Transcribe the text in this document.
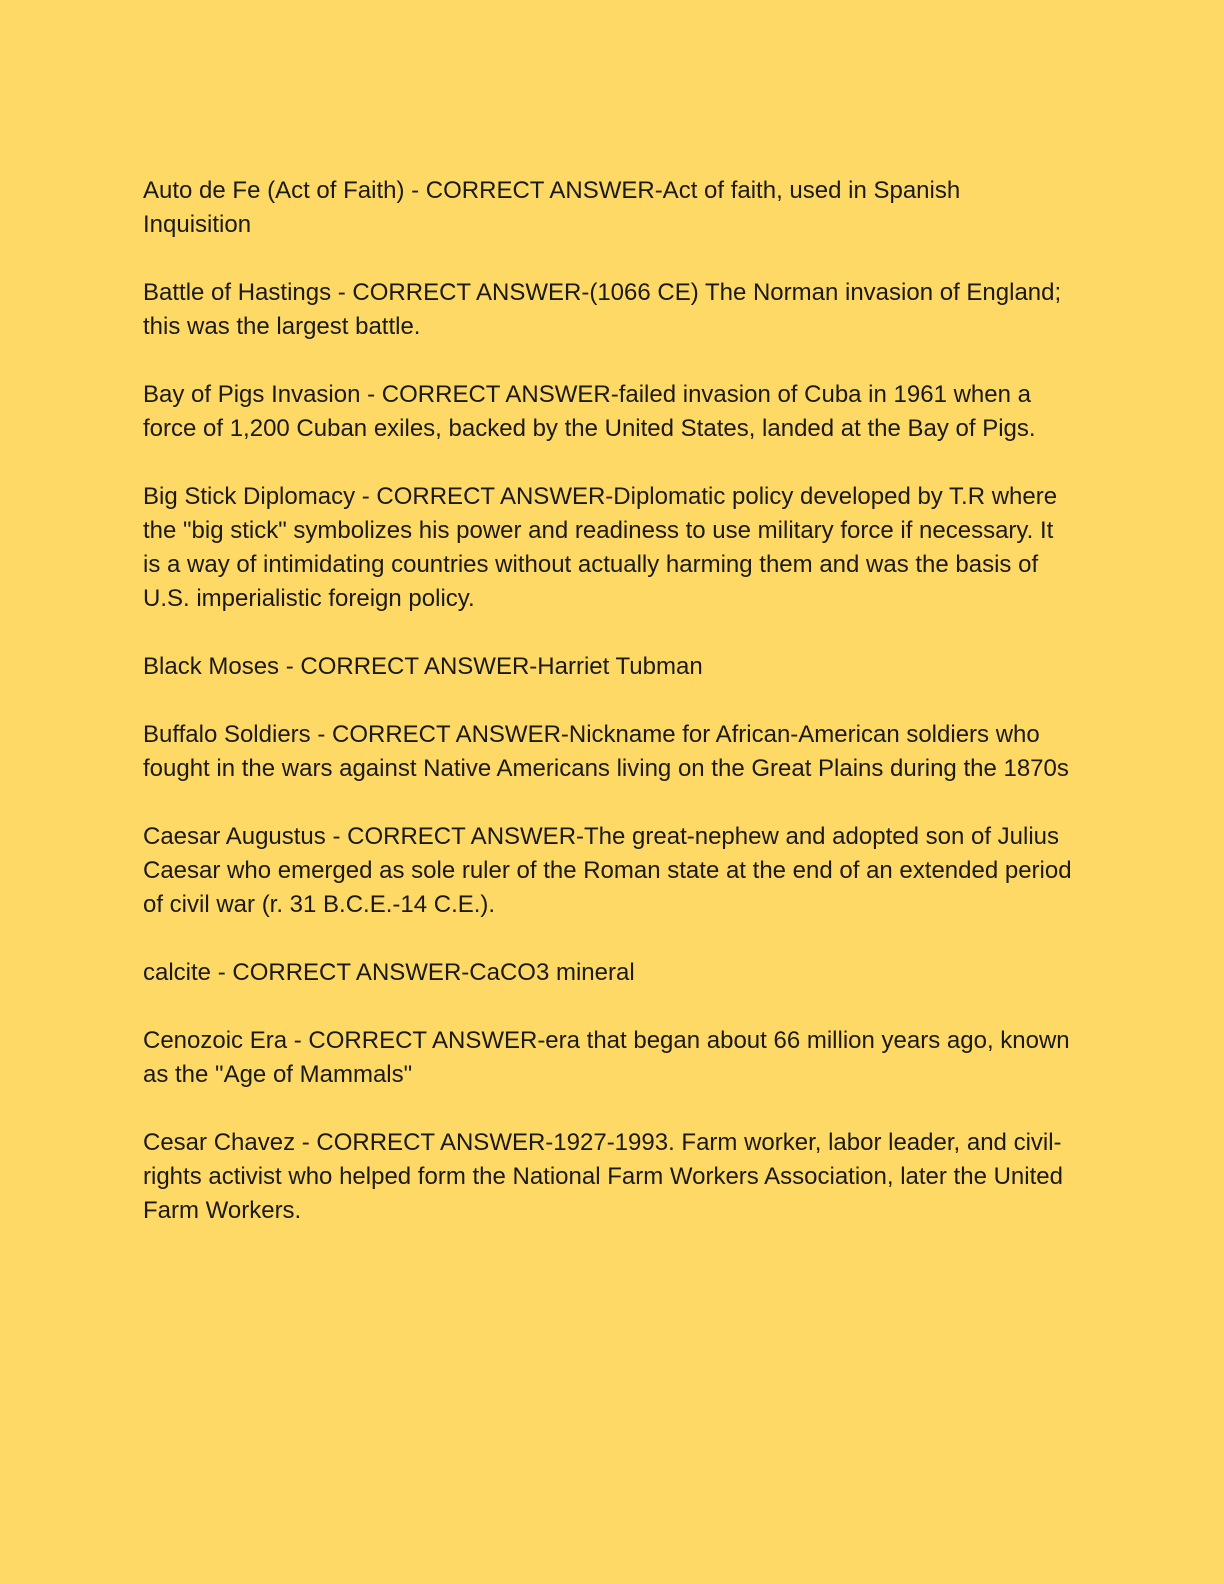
Auto de Fe (Act of Faith) - CORRECT ANSWER-Act of faith, used in Spanish Inquisition

Battle of Hastings - CORRECT ANSWER-(1066 CE) The Norman invasion of England; this was the largest battle.

Bay of Pigs Invasion - CORRECT ANSWER-failed invasion of Cuba in 1961 when a force of 1,200 Cuban exiles, backed by the United States, landed at the Bay of Pigs.

Big Stick Diplomacy - CORRECT ANSWER-Diplomatic policy developed by T.R where the "big stick" symbolizes his power and readiness to use military force if necessary. It is a way of intimidating countries without actually harming them and was the basis of U.S. imperialistic foreign policy.

Black Moses - CORRECT ANSWER-Harriet Tubman

Buffalo Soldiers - CORRECT ANSWER-Nickname for African-American soldiers who fought in the wars against Native Americans living on the Great Plains during the 1870s

Caesar Augustus - CORRECT ANSWER-The great-nephew and adopted son of Julius Caesar who emerged as sole ruler of the Roman state at the end of an extended period of civil war (r. 31 B.C.E.-14 C.E.).

calcite - CORRECT ANSWER-CaCO3 mineral

Cenozoic Era - CORRECT ANSWER-era that began about 66 million years ago, known as the "Age of Mammals"

Cesar Chavez - CORRECT ANSWER-1927-1993. Farm worker, labor leader, and civil-rights activist who helped form the National Farm Workers Association, later the United Farm Workers.
